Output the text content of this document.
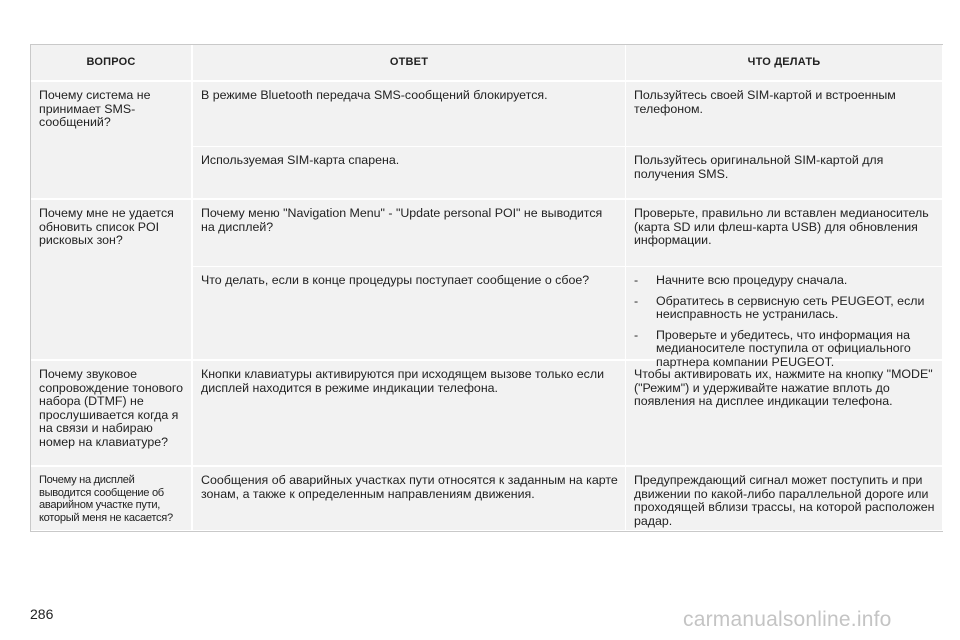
ВОПРОС	ОТВЕТ	ЧТО ДЕЛАТЬ
Почему система не принимает SMS-сообщений?
В режиме Bluetooth передача SMS-сообщений блокируется.	Пользуйтесь своей SIM-картой и встроенным телефоном.
Используемая SIM-карта спарена.	Пользуйтесь оригинальной SIM-картой для получения SMS.
Почему мне не удается обновить список POI рисковых зон?
Почему меню "Navigation Menu" - "Update personal POI" не выводится на дисплей?
Проверьте, правильно ли вставлен медианоситель (карта SD или флеш-карта USB) для обновления информации.
Что делать, если в конце процедуры поступает сообщение о сбое?
-	Начните всю процедуру сначала.
- Обратитесь в сервисную сеть PEUGEOT, если неисправность не устранилась.
- Проверьте и убедитесь, что информация на медианосителе поступила от официального партнера компании PEUGEOT.
Почему звуковое сопровождение тонового набора (DTMF) не прослушивается когда я на связи и набираю номер на клавиатуре?
Кнопки клавиатуры активируются при исходящем вызове только если дисплей находится в режиме индикации телефона.
Чтобы активировать их, нажмите на кнопку "MODE" ("Режим") и удерживайте нажатие вплоть до появления на дисплее индикации телефона.
Почему на дисплей выводится сообщение об аварийном участке пути, который меня не касается?
Сообщения об аварийных участках пути относятся к заданным на карте зонам, а также к определенным направлениям движения.
Предупреждающий сигнал может поступить и при движении по какой-либо параллельной дороге или проходящей вблизи трассы, на которой расположен радар.
286	carmanualsonline.info
